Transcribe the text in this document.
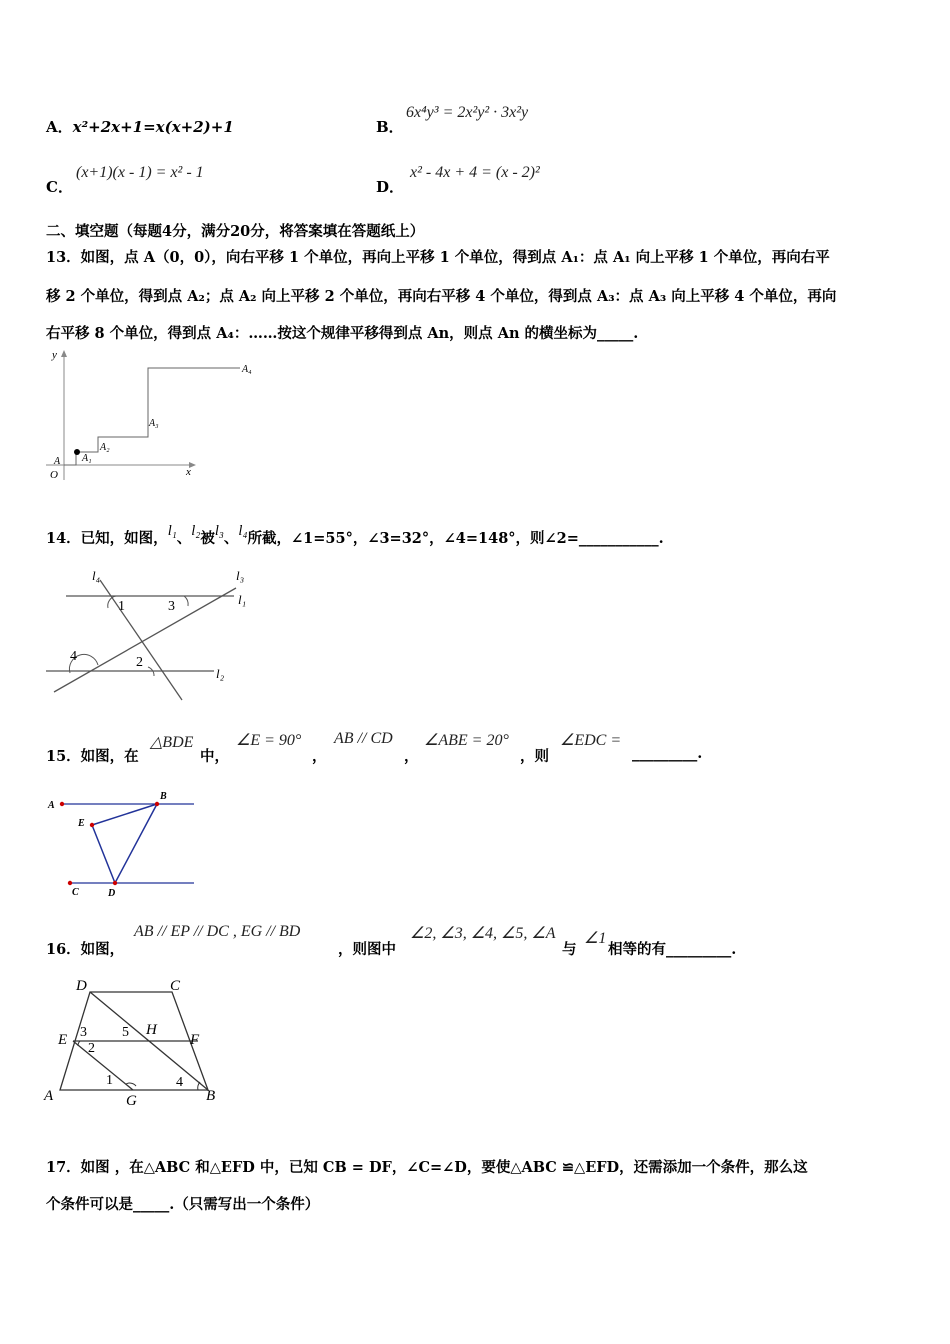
A．x²+2x+1=x(x+2)+1	B．
6x⁴y³ = 2x²y² · 3x²y
C．
(x+1)(x - 1) = x² - 1
D．
x² - 4x + 4 = (x - 2)²
二、填空题（每题4分，满分20分，将答案填在答题纸上）
13．如图，点 A（0，0），向右平移 1 个单位，再向上平移 1 个单位，得到点 A₁：点 A₁ 向上平移 1 个单位，再向右平
移 2 个单位，得到点 A₂；点 A₂ 向上平移 2 个单位，再向右平移 4 个单位，得到点 A₃：点 A₃ 向上平移 4 个单位，再向
右平移 8 个单位，得到点 A₄：……按这个规律平移得到点 An，则点 An 的横坐标为_____.
y
x
O
A A₁
A₂
A₃
A₄
14．已知，如图，l₁、l₂被l₃、l₄所截，∠1=55°，∠3=32°，∠4=148°，则∠2=___________.
l₄	l₃
l₁
l₂
1	3
4	2
15．如图，在
△BDE
中，
∠E = 90°
，
AB // CD
，
∠ABE = 20°
，则
∠EDC =
_________.
A
B
E
C	D
16．如图，
AB // EP // DC , EG // BD
，则图中
∠2, ∠3, ∠4, ∠5, ∠A
与
∠1
相等的有_________.
D	C
E	F
H
A	B
G
3
2
5
1	4
17．如图 ，在△ABC 和△EFD 中，已知 CB = DF，∠C=∠D，要使△ABC ≌△EFD，还需添加一个条件，那么这
个条件可以是_____.（只需写出一个条件）
